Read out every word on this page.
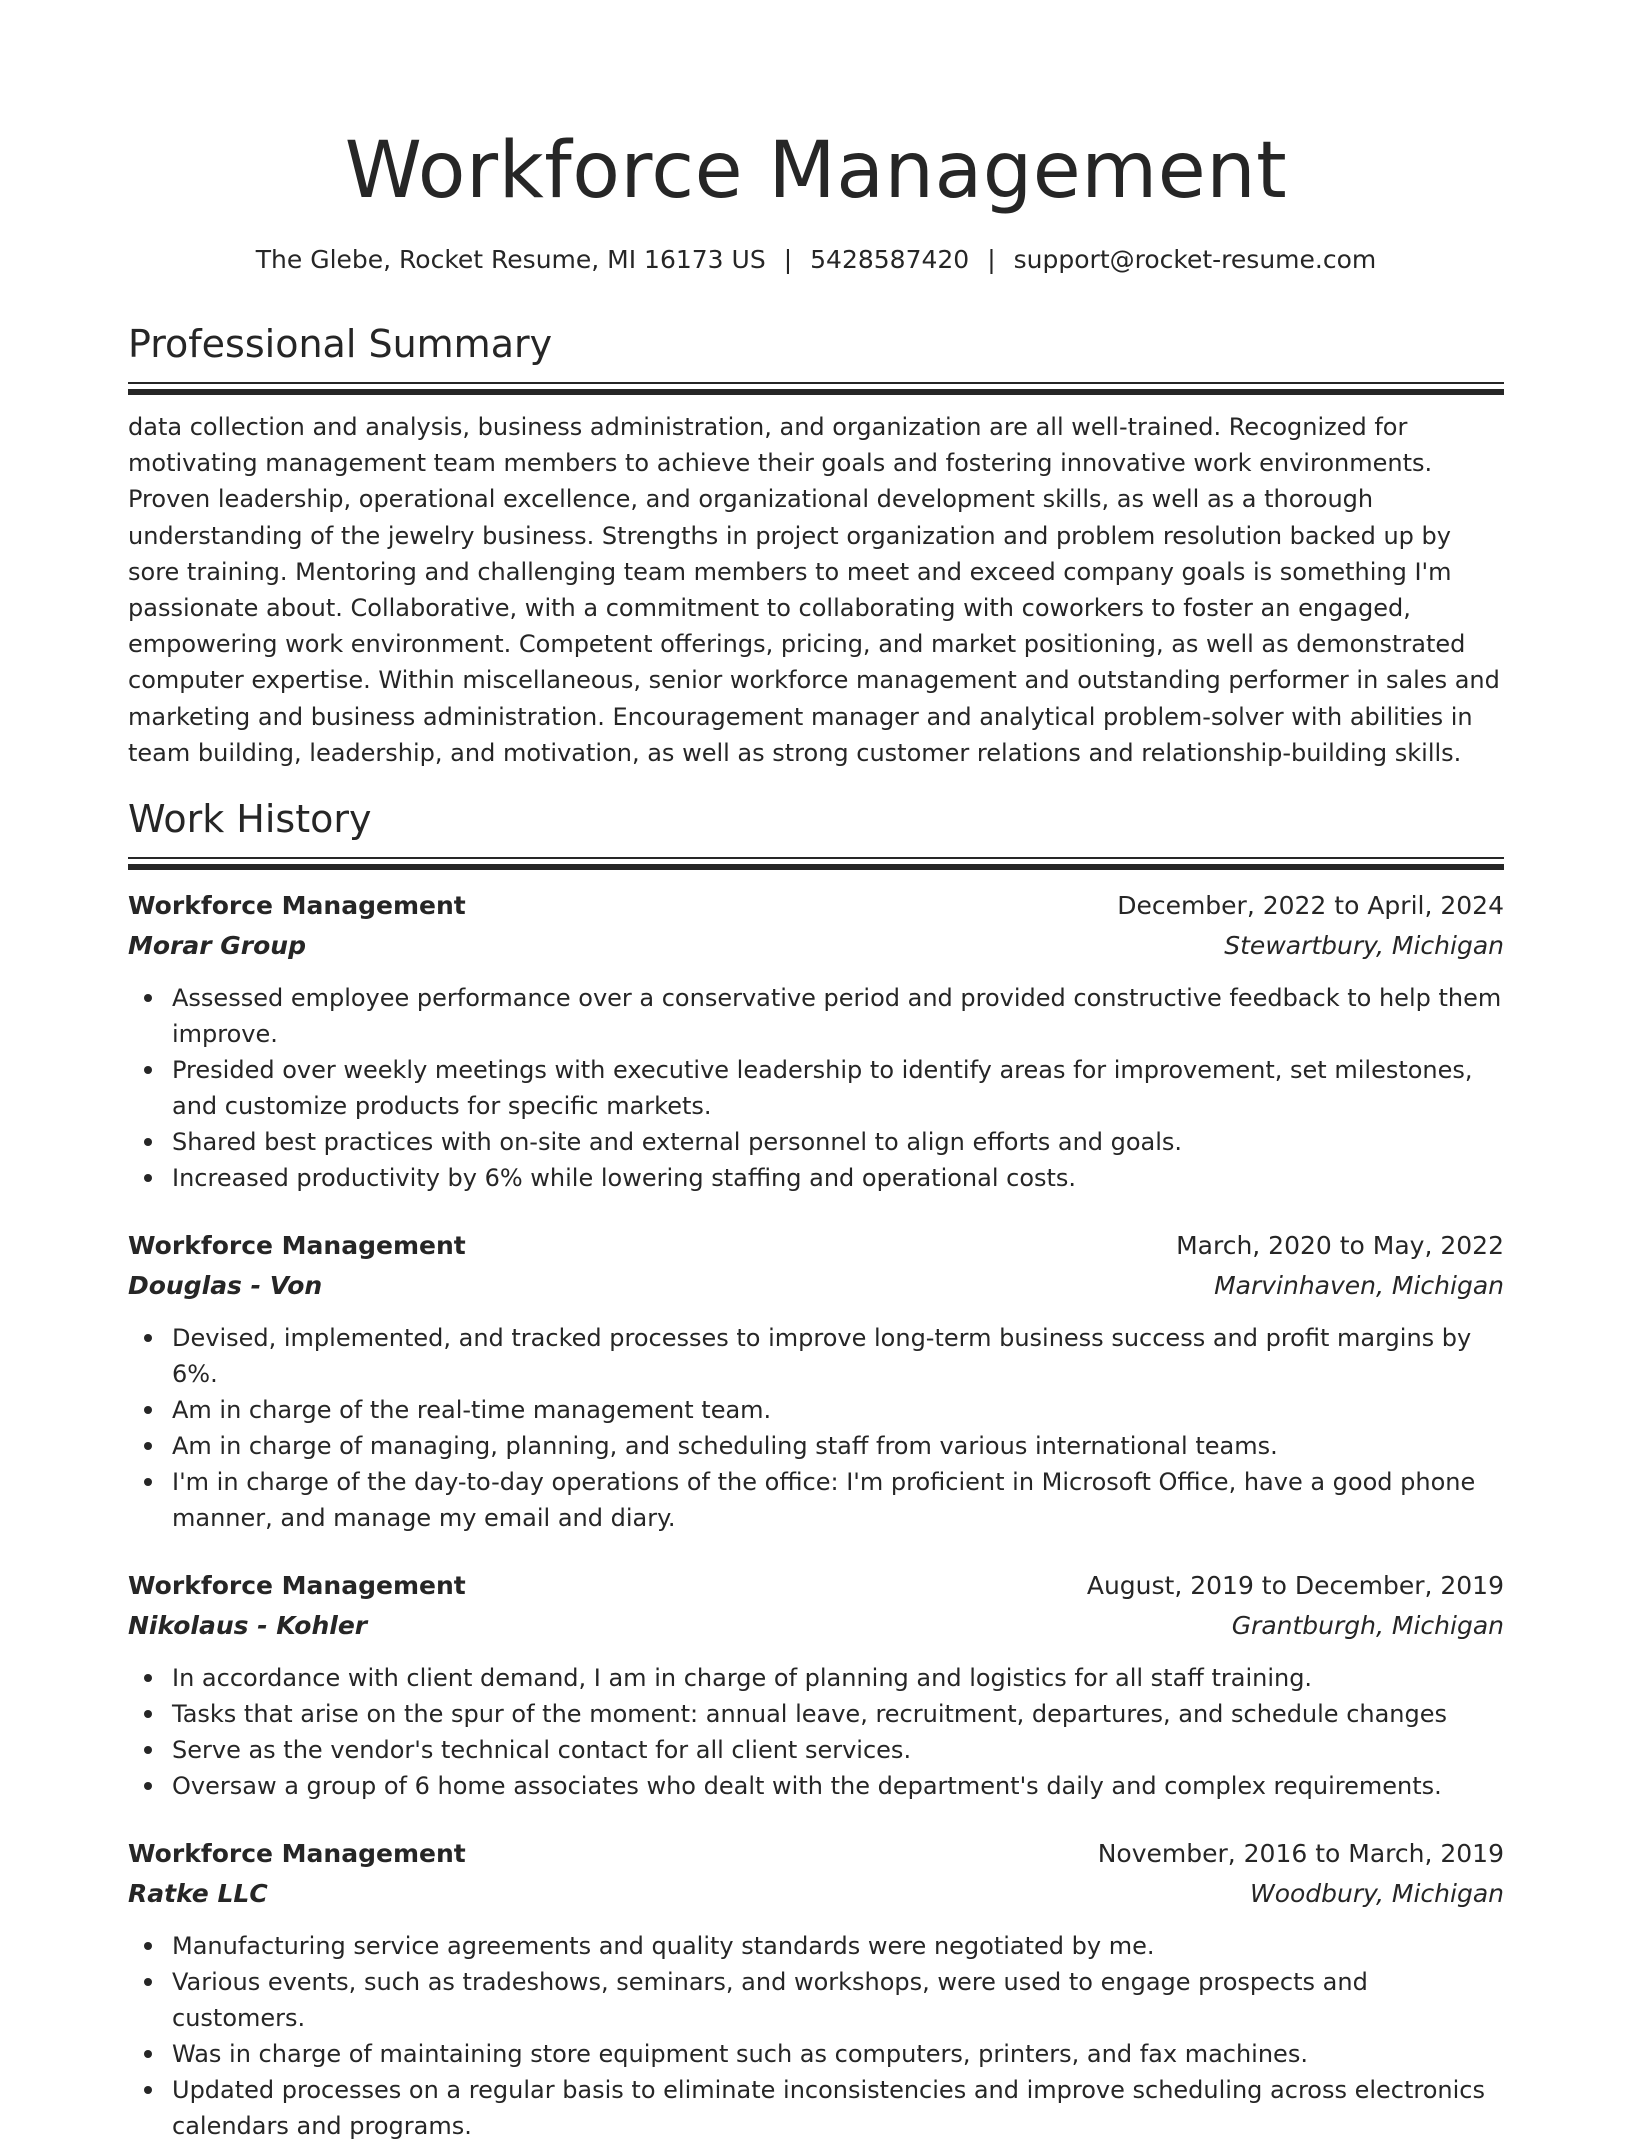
Workforce Management
The Glebe, Rocket Resume, MI 16173 US | 5428587420 | support@rocket-resume.com
Professional Summary

data collection and analysis, business administration, and organization are all well-trained. Recognized for motivating management team members to achieve their goals and fostering innovative work environments. Proven leadership, operational excellence, and organizational development skills, as well as a thorough understanding of the jewelry business. Strengths in project organization and problem resolution backed up by sore training. Mentoring and challenging team members to meet and exceed company goals is something I'm passionate about. Collaborative, with a commitment to collaborating with coworkers to foster an engaged, empowering work environment. Competent offerings, pricing, and market positioning, as well as demonstrated computer expertise. Within miscellaneous, senior workforce management and outstanding performer in sales and marketing and business administration. Encouragement manager and analytical problem-solver with abilities in team building, leadership, and motivation, as well as strong customer relations and relationship-building skills.

Work History
Workforce Management	December, 2022 to April, 2024
Morar Group	Stewartbury, Michigan
Assessed employee performance over a conservative period and provided constructive feedback to help them improve.
Presided over weekly meetings with executive leadership to identify areas for improvement, set milestones, and customize products for specific markets.
Shared best practices with on-site and external personnel to align efforts and goals.
Increased productivity by 6% while lowering staffing and operational costs.
Workforce Management	March, 2020 to May, 2022
Douglas - Von	Marvinhaven, Michigan
Devised, implemented, and tracked processes to improve long-term business success and profit margins by 6%.
Am in charge of the real-time management team.
Am in charge of managing, planning, and scheduling staff from various international teams.
I'm in charge of the day-to-day operations of the office: I'm proficient in Microsoft Office, have a good phone manner, and manage my email and diary.
Workforce Management	August, 2019 to December, 2019
Nikolaus - Kohler	Grantburgh, Michigan
In accordance with client demand, I am in charge of planning and logistics for all staff training.
Tasks that arise on the spur of the moment: annual leave, recruitment, departures, and schedule changes
Serve as the vendor's technical contact for all client services.
Oversaw a group of 6 home associates who dealt with the department's daily and complex requirements.
Workforce Management	November, 2016 to March, 2019
Ratke LLC	Woodbury, Michigan
Manufacturing service agreements and quality standards were negotiated by me.
Various events, such as tradeshows, seminars, and workshops, were used to engage prospects and customers.
Was in charge of maintaining store equipment such as computers, printers, and fax machines.
Updated processes on a regular basis to eliminate inconsistencies and improve scheduling across electronics calendars and programs.
